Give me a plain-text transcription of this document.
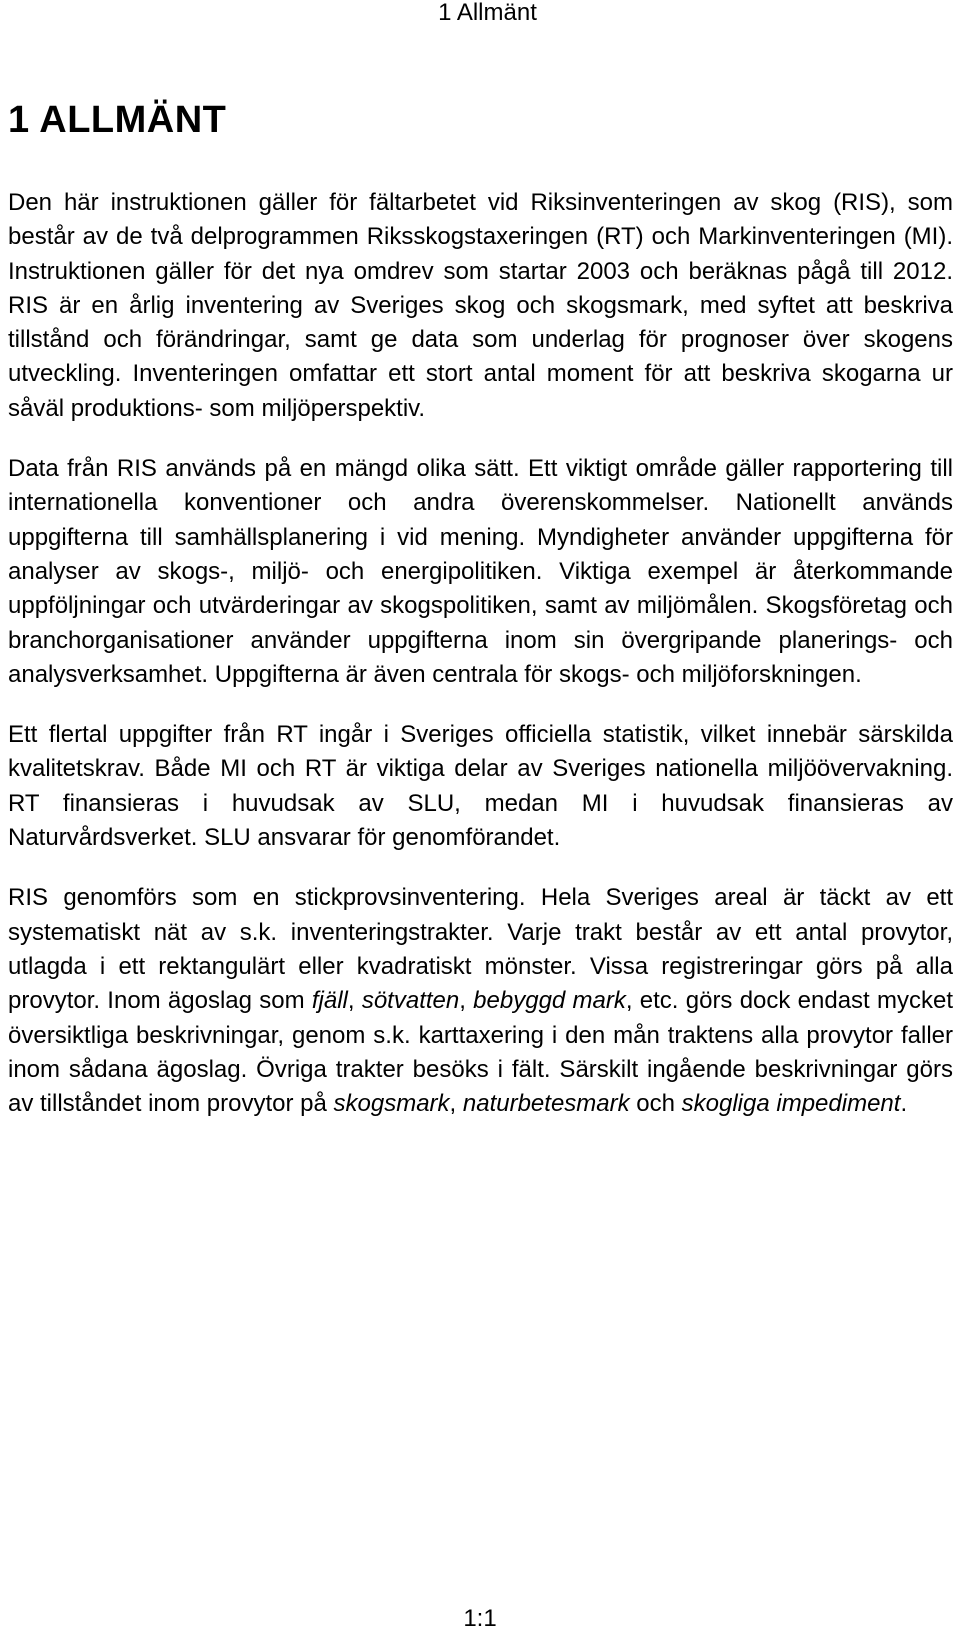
1 Allmänt
1 ALLMÄNT

Den här instruktionen gäller för fältarbetet vid Riksinventeringen av skog (RIS), som består av de två delprogrammen Riksskogstaxeringen (RT) och Markinventeringen (MI). Instruktionen gäller för det nya omdrev som startar 2003 och beräknas pågå till 2012. RIS är en årlig inventering av Sveriges skog och skogsmark, med syftet att beskriva tillstånd och förändringar, samt ge data som underlag för prognoser över skogens utveckling. Inventeringen omfattar ett stort antal moment för att beskriva skogarna ur såväl produktions- som miljöperspektiv.

Data från RIS används på en mängd olika sätt. Ett viktigt område gäller rapportering till internationella konventioner och andra överenskommelser. Nationellt används uppgifterna till samhällsplanering i vid mening. Myndigheter använder uppgifterna för analyser av skogs-, miljö- och energipolitiken. Viktiga exempel är återkommande uppföljningar och utvärderingar av skogspolitiken, samt av miljömålen. Skogsföretag och branchorganisationer använder uppgifterna inom sin övergripande planerings- och analysverksamhet. Uppgifterna är även centrala för skogs- och miljöforskningen.

Ett flertal uppgifter från RT ingår i Sveriges officiella statistik, vilket innebär särskilda kvalitetskrav. Både MI och RT är viktiga delar av Sveriges nationella miljöövervakning. RT finansieras i huvudsak av SLU, medan MI i huvudsak finansieras av Naturvårdsverket. SLU ansvarar för genomförandet.

RIS genomförs som en stickprovsinventering. Hela Sveriges areal är täckt av ett systematiskt nät av s.k. inventeringstrakter. Varje trakt består av ett antal provytor, utlagda i ett rektangulärt eller kvadratiskt mönster. Vissa registreringar görs på alla provytor. Inom ägoslag som fjäll, sötvatten, bebyggd mark, etc. görs dock endast mycket översiktliga beskrivningar, genom s.k. karttaxering i den mån traktens alla provytor faller inom sådana ägoslag. Övriga trakter besöks i fält. Särskilt ingående beskrivningar görs av tillståndet inom provytor på skogsmark, naturbetesmark och skogliga impediment.

1:1
